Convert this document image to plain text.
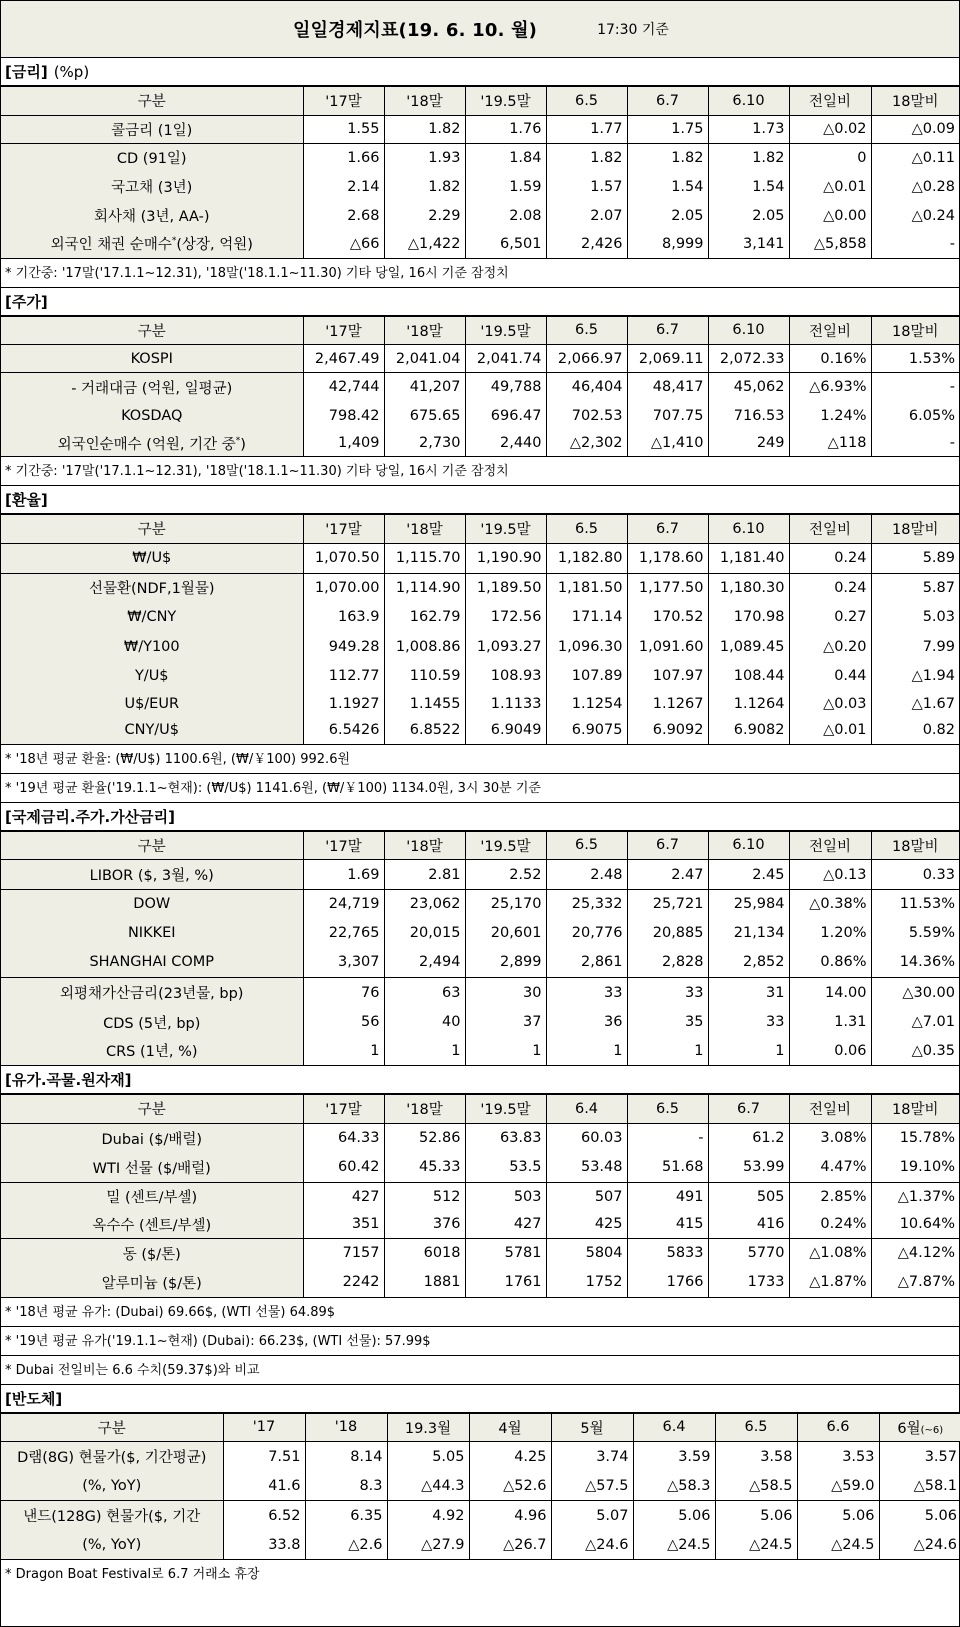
일일경제지표(19. 6. 10. 월)	17:30 기준
[금리] (%p)
구분	'17말	'18말	'19.5말	6.5	6.7	6.10	전일비	18말비
콜금리 (1일)	1.55	1.82	1.76	1.77	1.75	1.73	△0.02	△0.09
CD (91일)	1.66	1.93	1.84	1.82	1.82	1.82	0	△0.11
국고채 (3년)	2.14	1.82	1.59	1.57	1.54	1.54	△0.01	△0.28
회사채 (3년, AA-)	2.68	2.29	2.08	2.07	2.05	2.05	△0.00	△0.24
외국인 채권 순매수*(상장, 억원)	△66	△1,422	6,501	2,426	8,999	3,141	△5,858	-
* 기간중: '17말('17.1.1~12.31), '18말('18.1.1~11.30) 기타 당일, 16시 기준 잠정치
[주가]
구분	'17말	'18말	'19.5말	6.5	6.7	6.10	전일비	18말비
KOSPI	2,467.49	2,041.04	2,041.74	2,066.97	2,069.11	2,072.33	0.16%	1.53%
- 거래대금 (억원, 일평균)	42,744	41,207	49,788	46,404	48,417	45,062	△6.93%	-
KOSDAQ	798.42	675.65	696.47	702.53	707.75	716.53	1.24%	6.05%
외국인순매수 (억원, 기간 중*)	1,409	2,730	2,440	△2,302	△1,410	249	△118	-
* 기간중: '17말('17.1.1~12.31), '18말('18.1.1~11.30) 기타 당일, 16시 기준 잠정치
[환율]
구분	'17말	'18말	'19.5말	6.5	6.7	6.10	전일비	18말비
₩/U$	1,070.50	1,115.70	1,190.90	1,182.80	1,178.60	1,181.40	0.24	5.89
선물환(NDF,1월물)	1,070.00	1,114.90	1,189.50	1,181.50	1,177.50	1,180.30	0.24	5.87
₩/CNY	163.9	162.79	172.56	171.14	170.52	170.98	0.27	5.03
₩/Y100	949.28	1,008.86	1,093.27	1,096.30	1,091.60	1,089.45	△0.20	7.99
Y/U$	112.77	110.59	108.93	107.89	107.97	108.44	0.44	△1.94
U$/EUR	1.1927	1.1455	1.1133	1.1254	1.1267	1.1264	△0.03	△1.67
CNY/U$	6.5426	6.8522	6.9049	6.9075	6.9092	6.9082	△0.01	0.82
* '18년 평균 환율: (₩/U$) 1100.6원, (₩/￥100) 992.6원
* '19년 평균 환율('19.1.1~현재): (₩/U$) 1141.6원, (₩/￥100) 1134.0원, 3시 30분 기준
[국제금리.주가.가산금리]
구분	'17말	'18말	'19.5말	6.5	6.7	6.10	전일비	18말비
LIBOR ($, 3월, %)	1.69	2.81	2.52	2.48	2.47	2.45	△0.13	0.33
DOW	24,719	23,062	25,170	25,332	25,721	25,984	△0.38%	11.53%
NIKKEI	22,765	20,015	20,601	20,776	20,885	21,134	1.20%	5.59%
SHANGHAI COMP	3,307	2,494	2,899	2,861	2,828	2,852	0.86%	14.36%
외평채가산금리(23년물, bp)	76	63	30	33	33	31	14.00	△30.00
CDS (5년, bp)	56	40	37	36	35	33	1.31	△7.01
CRS (1년, %)	1	1	1	1	1	1	0.06	△0.35
[유가.곡물.원자재]
구분	'17말	'18말	'19.5말	6.4	6.5	6.7	전일비	18말비
Dubai ($/배럴)	64.33	52.86	63.83	60.03	-	61.2	3.08%	15.78%
WTI 선물 ($/배럴)	60.42	45.33	53.5	53.48	51.68	53.99	4.47%	19.10%
밀 (센트/부셀)	427	512	503	507	491	505	2.85%	△1.37%
옥수수 (센트/부셀)	351	376	427	425	415	416	0.24%	10.64%
동 ($/톤)	7157	6018	5781	5804	5833	5770	△1.08%	△4.12%
알루미늄 ($/톤)	2242	1881	1761	1752	1766	1733	△1.87%	△7.87%
* '18년 평균 유가: (Dubai) 69.66$, (WTI 선물) 64.89$
* '19년 평균 유가('19.1.1~현재) (Dubai): 66.23$, (WTI 선물): 57.99$
* Dubai 전일비는 6.6 수치(59.37$)와 비교
[반도체]
구분	'17	'18	19.3월	4월	5월	6.4	6.5	6.6	6월(~6)
D램(8G) 현물가($, 기간평균)	7.51	8.14	5.05	4.25	3.74	3.59	3.58	3.53	3.57
(%, YoY)	41.6	8.3	△44.3	△52.6	△57.5	△58.3	△58.5	△59.0	△58.1
낸드(128G) 현물가($, 기간	6.52	6.35	4.92	4.96	5.07	5.06	5.06	5.06	5.06
(%, YoY)	33.8	△2.6	△27.9	△26.7	△24.6	△24.5	△24.5	△24.5	△24.6
* Dragon Boat Festival로 6.7 거래소 휴장
